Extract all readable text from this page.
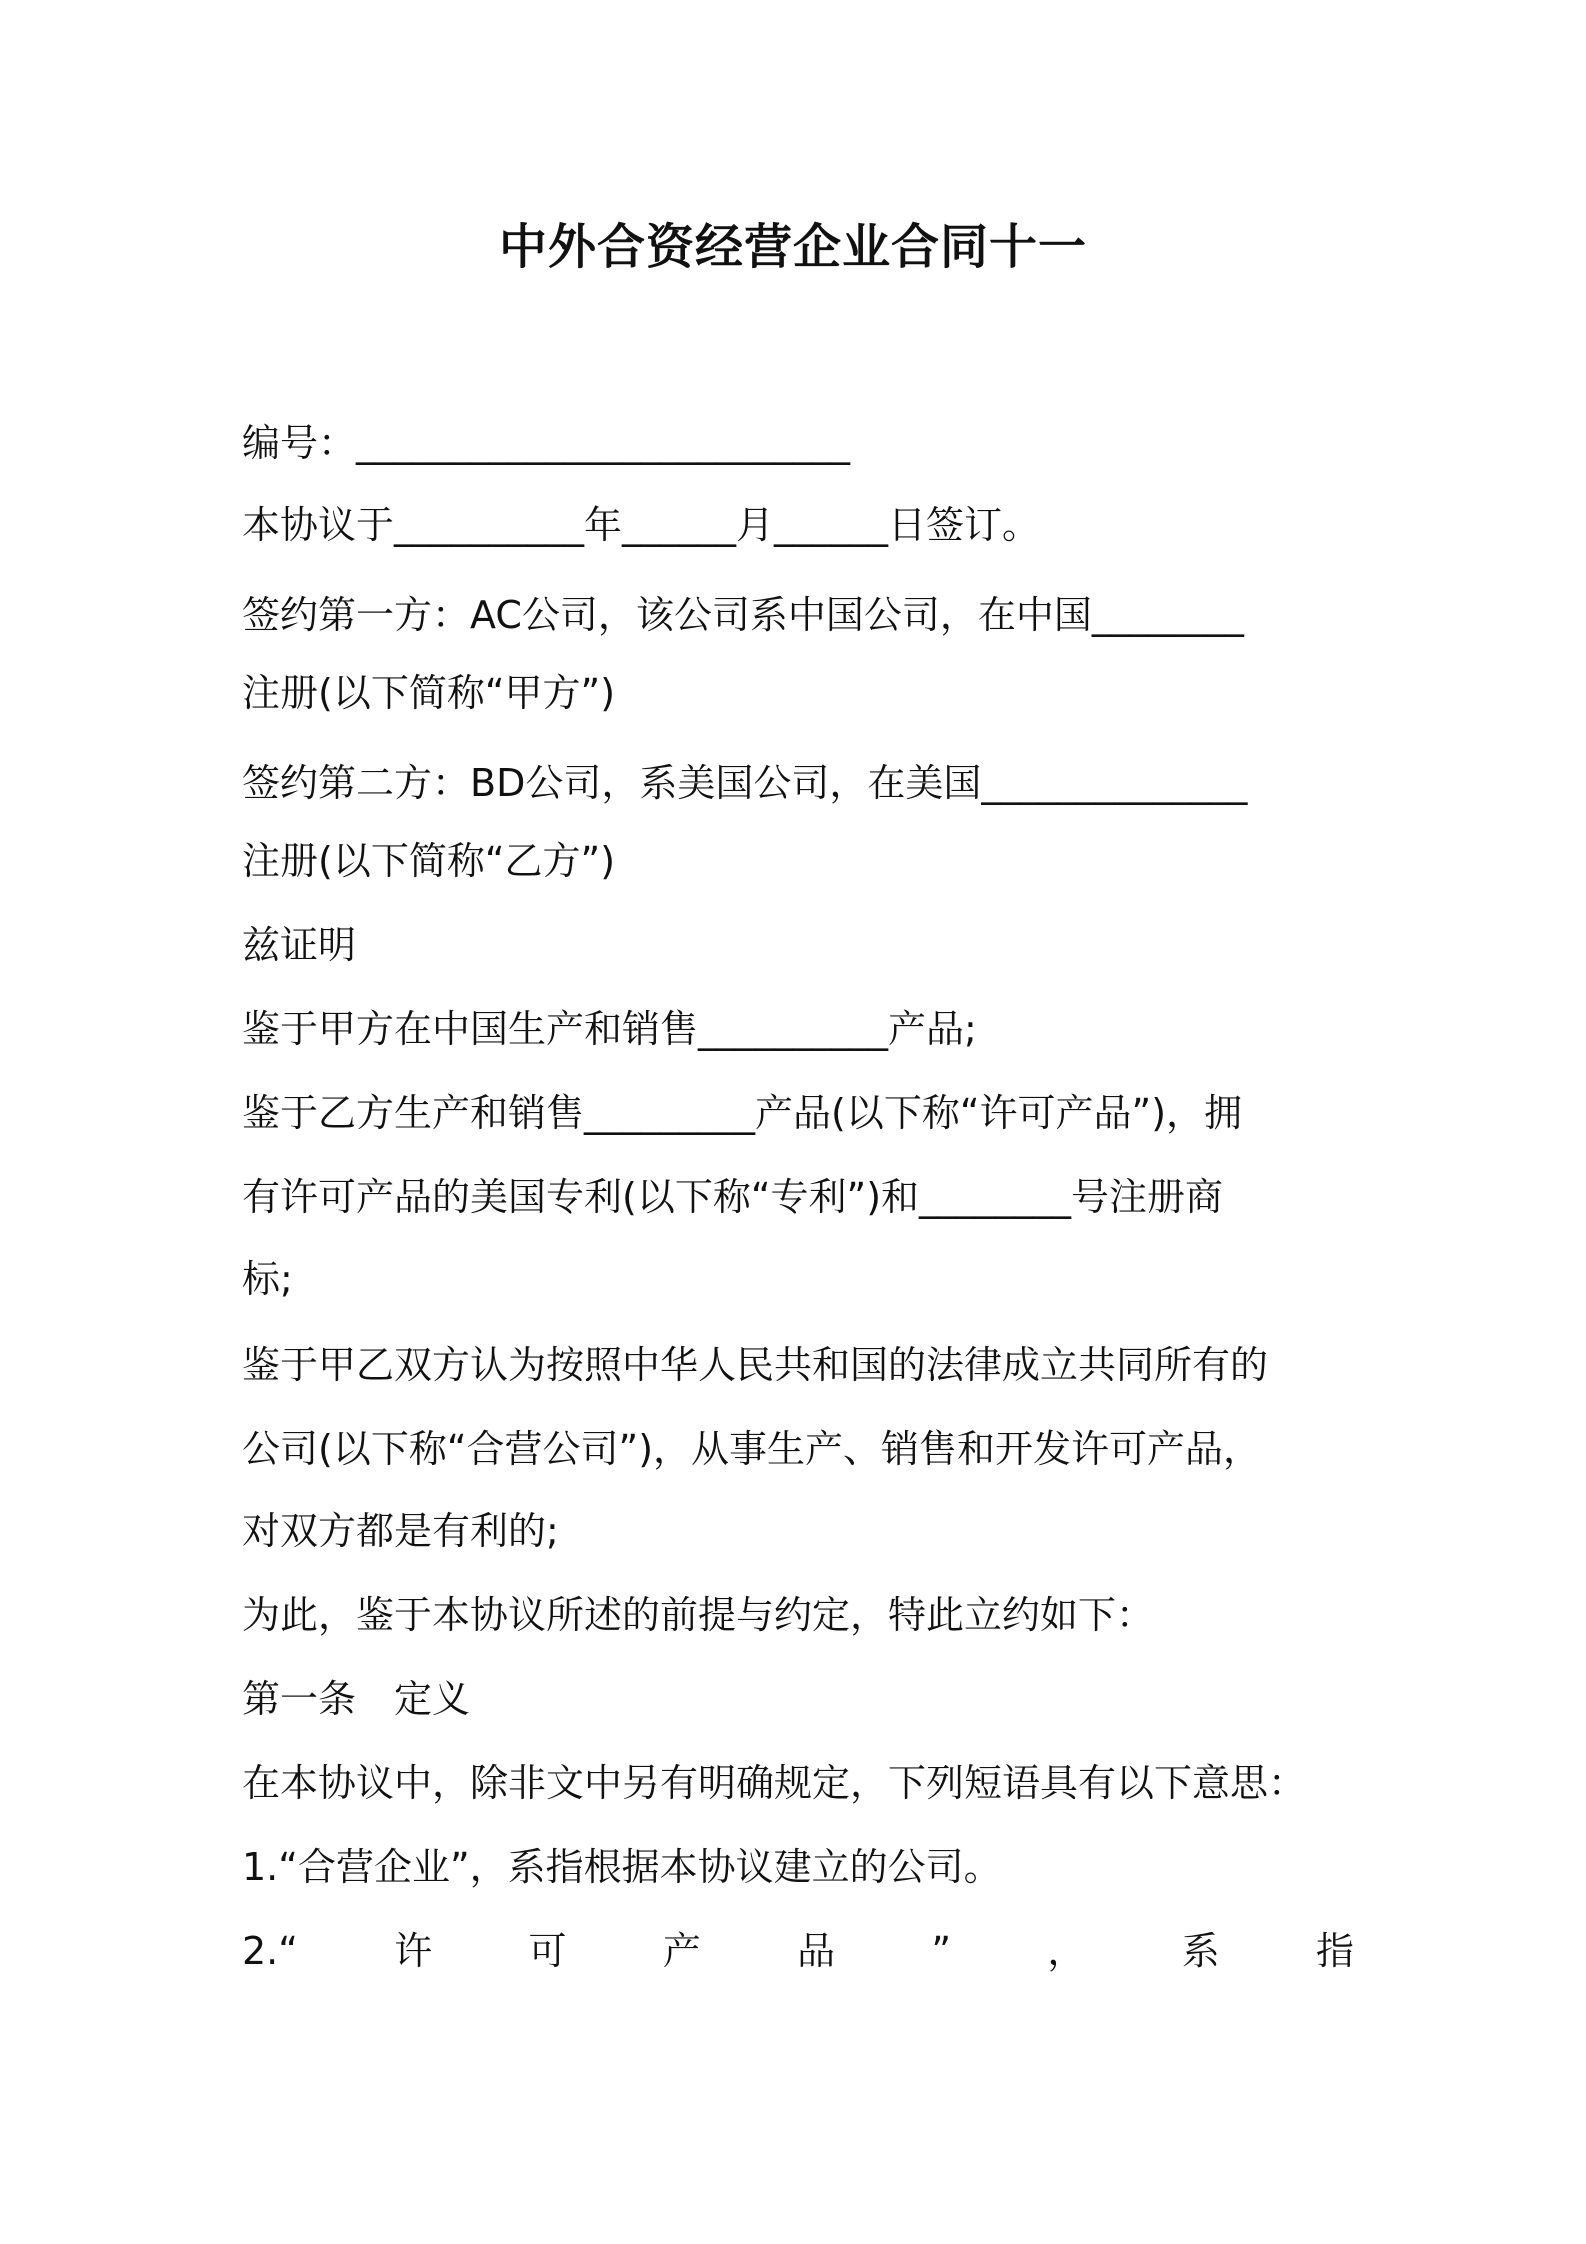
中外合资经营企业合同十一
编号：__________________________
本协议于__________年______月______日签订。
签约第一方：AC公司，该公司系中国公司，在中国________
注册(以下简称“甲方”)
签约第二方：BD公司，系美国公司，在美国______________
注册(以下简称“乙方”)
兹证明
鉴于甲方在中国生产和销售__________产品;
鉴于乙方生产和销售_________产品(以下称“许可产品”)，拥
有许可产品的美国专利(以下称“专利”)和________号注册商
标;
鉴于甲乙双方认为按照中华人民共和国的法律成立共同所有的
公司(以下称“合营公司”)，从事生产、销售和开发许可产品，
对双方都是有利的;
为此，鉴于本协议所述的前提与约定，特此立约如下：
第一条　定义
在本协议中，除非文中另有明确规定，下列短语具有以下意思：
1.“合营企业”，系指根据本协议建立的公司。
2.“	许	可	产	品	”	，	系	指
